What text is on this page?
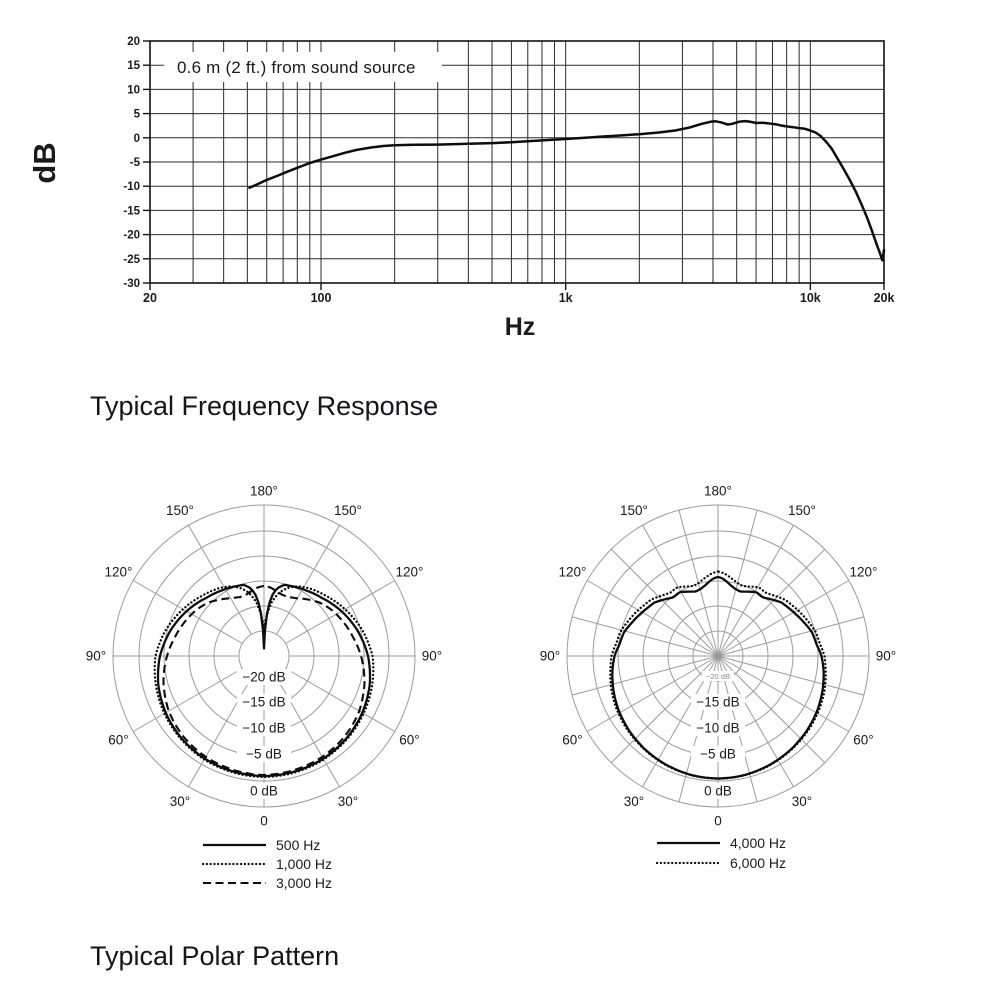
20
15
10
5
0
-5
-10
-15
-20
-25
-30
20	100	1k	10k	20k
0.6 m (2 ft.) from sound source
dB
Hz
−20 dB
−15 dB
−10 dB
−5 dB
0 dB
180°
150°
150°
120°
120°
90°
90°
60°
60°
30°
30°
0
500 Hz
1,000 Hz
3,000 Hz
−20 dB
−15 dB
−10 dB
−5 dB
0 dB
180°
150°
150°
120°
120°
90°
90°
60°
60°
30°
30°
0
4,000 Hz
6,000 Hz
Typical Frequency Response
Typical Polar Pattern
